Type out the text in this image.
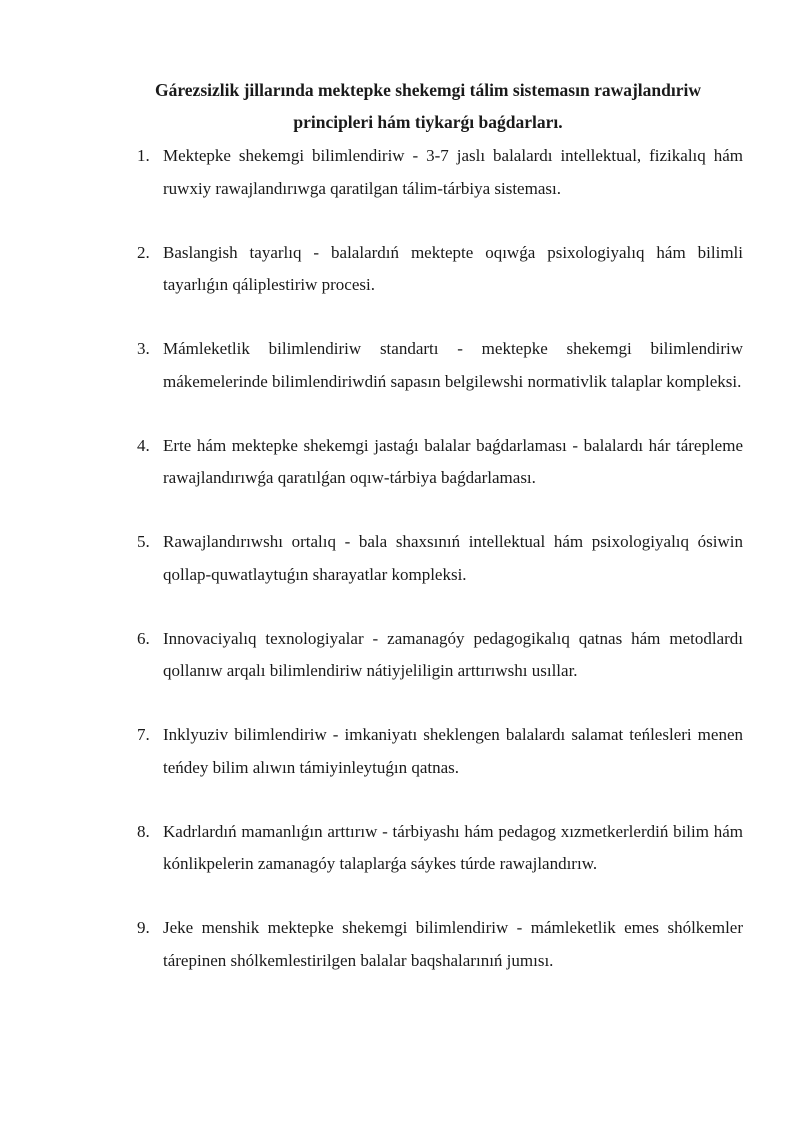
Gárezsizlik jillarında mektepke shekemgi tálim sistemasın rawajlandıriw
principleri hám tiykarǵı baǵdarları.
1. Mektepke shekemgi bilimlendiriw - 3-7 jaslı balalardı intellektual, fizikalıq hám ruwxiy rawajlandırıwga qaratilgan tálim-tárbiya sisteması.
2. Baslangish tayarlıq - balalardıń mektepte oqıwǵa psixologiyalıq hám bilimli tayarlıǵın qáliplestiriw procesi.
3. Mámleketlik bilimlendiriw standartı - mektepke shekemgi bilimlendiriw mákemelerinde bilimlendiriwdiń sapasın belgilewshi normativlik talaplar kompleksi.
4. Erte hám mektepke shekemgi jastaǵı balalar baǵdarlaması - balalardı hár tárepleme rawajlandırıwǵa qaratılǵan oqıw-tárbiya baǵdarlaması.
5. Rawajlandırıwshı ortalıq - bala shaxsınıń intellektual hám psixologiyalıq ósiwin qollap-quwatlaytuǵın sharayatlar kompleksi.
6. Innovaciyalıq texnologiyalar - zamanagóy pedagogikalıq qatnas hám metodlardı qollanıw arqalı bilimlendiriw nátiyjeliligin arttırıwshı usıllar.
7. Inklyuziv bilimlendiriw - imkaniyatı sheklengen balalardı salamat teńlesleri menen teńdey bilim alıwın támiyinleytuǵın qatnas.
8. Kadrlardıń mamanlıǵın arttırıw - tárbiyashı hám pedagog xızmetkerlerdiń bilim hám kónlikpelerin zamanagóy talaplarǵa sáykes túrde rawajlandırıw.
9. Jeke menshik mektepke shekemgi bilimlendiriw - mámleketlik emes shólkemler tárepinen shólkemlestirilgen balalar baqshalarınıń jumısı.
